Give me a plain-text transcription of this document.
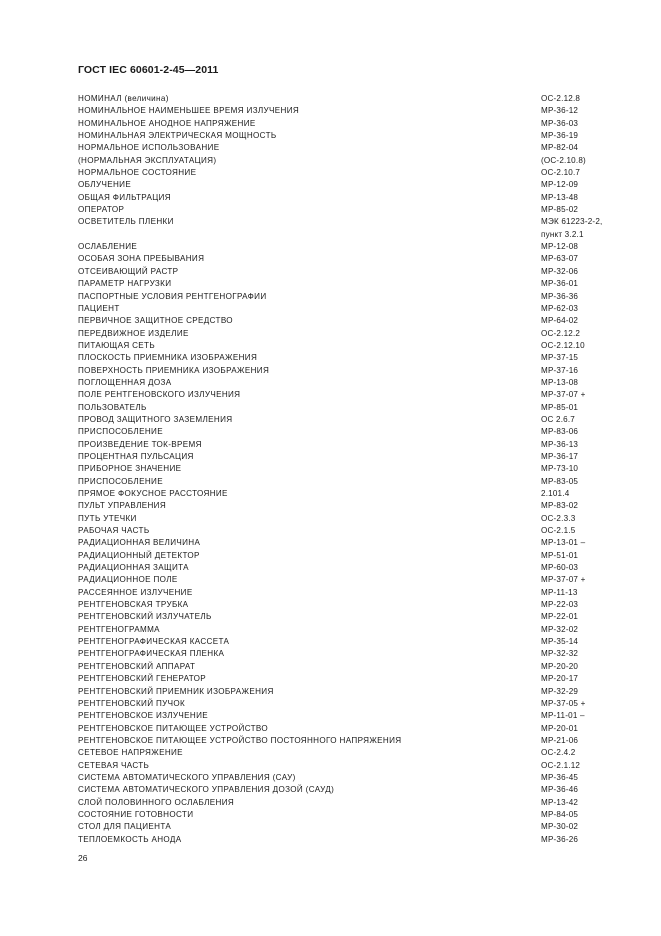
ГОСТ IEC 60601-2-45—2011
НОМИНАЛ (величина)	ОС-2.12.8
НОМИНАЛЬНОЕ НАИМЕНЬШЕЕ ВРЕМЯ ИЗЛУЧЕНИЯ	МР-36-12
НОМИНАЛЬНОЕ АНОДНОЕ НАПРЯЖЕНИЕ	МР-36-03
НОМИНАЛЬНАЯ ЭЛЕКТРИЧЕСКАЯ МОЩНОСТЬ	МР-36-19
НОРМАЛЬНОЕ ИСПОЛЬЗОВАНИЕ	МР-82-04
(НОРМАЛЬНАЯ ЭКСПЛУАТАЦИЯ)	(ОС-2.10.8)
НОРМАЛЬНОЕ СОСТОЯНИЕ	ОС-2.10.7
ОБЛУЧЕНИЕ	МР-12-09
ОБЩАЯ ФИЛЬТРАЦИЯ	МР-13-48
ОПЕРАТОР	МР-85-02
ОСВЕТИТЕЛЬ ПЛЕНКИ	МЭК 61223-2-2,
пункт 3.2.1
ОСЛАБЛЕНИЕ	МР-12-08
ОСОБАЯ ЗОНА ПРЕБЫВАНИЯ	МР-63-07
ОТСЕИВАЮЩИЙ РАСТР	МР-32-06
ПАРАМЕТР НАГРУЗКИ	МР-36-01
ПАСПОРТНЫЕ УСЛОВИЯ РЕНТГЕНОГРАФИИ	МР-36-36
ПАЦИЕНТ	МР-62-03
ПЕРВИЧНОЕ ЗАЩИТНОЕ СРЕДСТВО	МР-64-02
ПЕРЕДВИЖНОЕ ИЗДЕЛИЕ	ОС-2.12.2
ПИТАЮЩАЯ СЕТЬ	ОС-2.12.10
ПЛОСКОСТЬ ПРИЕМНИКА ИЗОБРАЖЕНИЯ	МР-37-15
ПОВЕРХНОСТЬ ПРИЕМНИКА ИЗОБРАЖЕНИЯ	МР-37-16
ПОГЛОЩЕННАЯ ДОЗА	МР-13-08
ПОЛЕ РЕНТГЕНОВСКОГО ИЗЛУЧЕНИЯ	МР-37-07 +
ПОЛЬЗОВАТЕЛЬ	МР-85-01
ПРОВОД ЗАЩИТНОГО ЗАЗЕМЛЕНИЯ	ОС 2.6.7
ПРИСПОСОБЛЕНИЕ	МР-83-06
ПРОИЗВЕДЕНИЕ ТОК-ВРЕМЯ	МР-36-13
ПРОЦЕНТНАЯ ПУЛЬСАЦИЯ	МР-36-17
ПРИБОРНОЕ ЗНАЧЕНИЕ	МР-73-10
ПРИСПОСОБЛЕНИЕ	МР-83-05
ПРЯМОЕ ФОКУСНОЕ РАССТОЯНИЕ	2.101.4
ПУЛЬТ УПРАВЛЕНИЯ	МР-83-02
ПУТЬ УТЕЧКИ	ОС-2.3.3
РАБОЧАЯ ЧАСТЬ	ОС-2.1.5
РАДИАЦИОННАЯ ВЕЛИЧИНА	МР-13-01 –
РАДИАЦИОННЫЙ ДЕТЕКТОР	МР-51-01
РАДИАЦИОННАЯ ЗАЩИТА	МР-60-03
РАДИАЦИОННОЕ ПОЛЕ	МР-37-07 +
РАССЕЯННОЕ ИЗЛУЧЕНИЕ	МР-11-13
РЕНТГЕНОВСКАЯ ТРУБКА	МР-22-03
РЕНТГЕНОВСКИЙ ИЗЛУЧАТЕЛЬ	МР-22-01
РЕНТГЕНОГРАММА	МР-32-02
РЕНТГЕНОГРАФИЧЕСКАЯ КАССЕТА	МР-35-14
РЕНТГЕНОГРАФИЧЕСКАЯ ПЛЕНКА	МР-32-32
РЕНТГЕНОВСКИЙ АППАРАТ	МР-20-20
РЕНТГЕНОВСКИЙ ГЕНЕРАТОР	МР-20-17
РЕНТГЕНОВСКИЙ ПРИЕМНИК ИЗОБРАЖЕНИЯ	МР-32-29
РЕНТГЕНОВСКИЙ ПУЧОК	МР-37-05 +
РЕНТГЕНОВСКОЕ ИЗЛУЧЕНИЕ	МР-11-01 –
РЕНТГЕНОВСКОЕ ПИТАЮЩЕЕ УСТРОЙСТВО	МР-20-01
РЕНТГЕНОВСКОЕ ПИТАЮЩЕЕ УСТРОЙСТВО ПОСТОЯННОГО НАПРЯЖЕНИЯ	МР-21-06
СЕТЕВОЕ НАПРЯЖЕНИЕ	ОС-2.4.2
СЕТЕВАЯ ЧАСТЬ	ОС-2.1.12
СИСТЕМА АВТОМАТИЧЕСКОГО УПРАВЛЕНИЯ (САУ)	МР-36-45
СИСТЕМА АВТОМАТИЧЕСКОГО УПРАВЛЕНИЯ ДОЗОЙ (САУД)	МР-36-46
СЛОЙ ПОЛОВИННОГО ОСЛАБЛЕНИЯ	МР-13-42
СОСТОЯНИЕ ГОТОВНОСТИ	МР-84-05
СТОЛ ДЛЯ ПАЦИЕНТА	МР-30-02
ТЕПЛОЕМКОСТЬ АНОДА	МР-36-26
26
